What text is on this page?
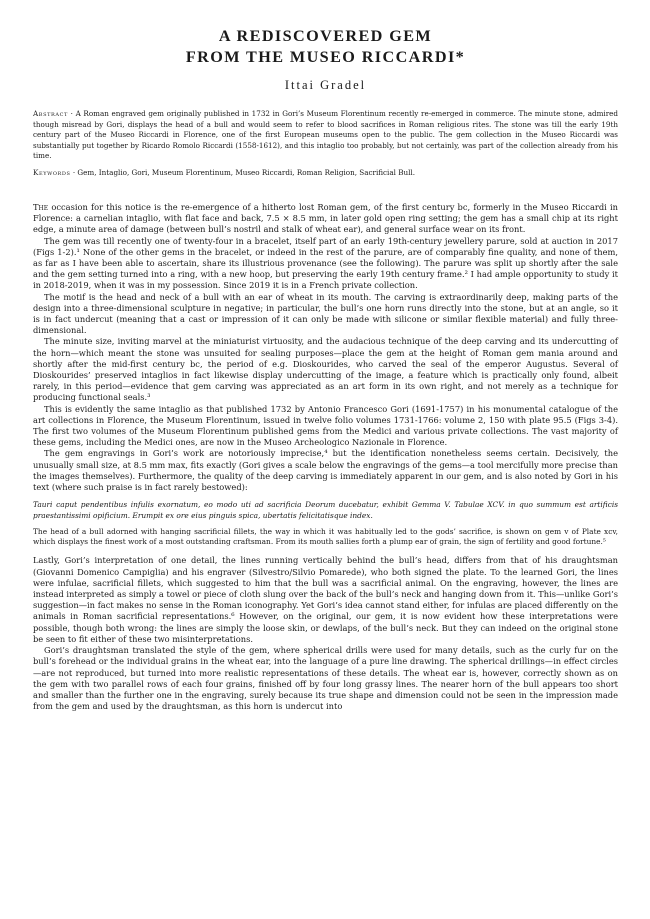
A REDISCOVERED GEM
FROM THE MUSEO RICCARDI*
Ittai Gradel

Abstract · A Roman engraved gem originally published in 1732 in Gori’s Museum Florentinum recently re-emerged in commerce. The minute stone, admired though misread by Gori, displays the head of a bull and would seem to refer to blood sacrifices in Roman religious rites. The stone was till the early 19th century part of the Museo Riccardi in Florence, one of the first European museums open to the public. The gem collection in the Museo Riccardi was substantially put together by Ricardo Romolo Riccardi (1558-1612), and this intaglio too probably, but not certainly, was part of the collection already from his time.

Keywords · Gem, Intaglio, Gori, Museum Florentinum, Museo Riccardi, Roman Religion, Sacrificial Bull.

The occasion for this notice is the re-emergence of a hitherto lost Roman gem, of the first century bc, formerly in the Museo Riccardi in Florence: a carnelian intaglio, with flat face and back, 7.5 × 8.5 mm, in later gold open ring setting; the gem has a small chip at its right edge, a minute area of damage (between bull’s nostril and stalk of wheat ear), and general surface wear on its front.

The gem was till recently one of twenty-four in a bracelet, itself part of an early 19th-century jewellery parure, sold at auction in 2017 (Figs 1-2).¹ None of the other gems in the bracelet, or indeed in the rest of the parure, are of comparably fine quality, and none of them, as far as I have been able to ascertain, share its illustrious provenance (see the following). The parure was split up shortly after the sale and the gem setting turned into a ring, with a new hoop, but preserving the early 19th century frame.² I had ample opportunity to study it in 2018-2019, when it was in my possession. Since 2019 it is in a French private collection.

The motif is the head and neck of a bull with an ear of wheat in its mouth. The carving is extraordinarily deep, making parts of the design into a three-dimensional sculpture in negative; in particular, the bull’s one horn runs directly into the stone, but at an angle, so it is in fact undercut (meaning that a cast or impression of it can only be made with silicone or similar flexible material) and fully three-dimensional.

The minute size, inviting marvel at the miniaturist virtuosity, and the audacious technique of the deep carving and its undercutting of the horn—which meant the stone was unsuited for sealing purposes—place the gem at the height of Roman gem mania around and shortly after the mid-first century bc, the period of e.g. Dioskourides, who carved the seal of the emperor Augustus. Several of Dioskourides’ preserved intaglios in fact likewise display undercutting of the image, a feature which is practically only found, albeit rarely, in this period—evidence that gem carving was appreciated as an art form in its own right, and not merely as a technique for producing functional seals.³

This is evidently the same intaglio as that published 1732 by Antonio Francesco Gori (1691-1757) in his monumental catalogue of the art collections in Florence, the Museum Florentinum, issued in twelve folio volumes 1731-1766: volume 2, 150 with plate 95.5 (Figs 3-4). The first two volumes of the Museum Florentinum published gems from the Medici and various private collections. The vast majority of these gems, including the Medici ones, are now in the Museo Archeologico Nazionale in Florence.

The gem engravings in Gori’s work are notoriously imprecise,⁴ but the identification nonetheless seems certain. Decisively, the unusually small size, at 8.5 mm max, fits exactly (Gori gives a scale below the engravings of the gems—a tool mercifully more precise than the images themselves). Furthermore, the quality of the deep carving is immediately apparent in our gem, and is also noted by Gori in his text (where such praise is in fact rarely bestowed):

Tauri caput pendentibus infulis exornatum, eo modo uti ad sacrificia Deorum ducebatur, exhibit Gemma V. Tabulae XCV. in quo summum est artificis praestantissimi opificium. Erumpit ex ore eius pinguis spica, ubertatis felicitatisque index.
The head of a bull adorned with hanging sacrificial fillets, the way in which it was habitually led to the gods’ sacrifice, is shown on gem v of Plate xcv, which displays the finest work of a most outstanding craftsman. From its mouth sallies forth a plump ear of grain, the sign of fertility and good fortune.⁵

Lastly, Gori’s interpretation of one detail, the lines running vertically behind the bull’s head, differs from that of his draughtsman (Giovanni Domenico Campiglia) and his engraver (Silvestro/Silvio Pomarede), who both signed the plate. To the learned Gori, the lines were infulae, sacrificial fillets, which suggested to him that the bull was a sacrificial animal. On the engraving, however, the lines are instead interpreted as simply a towel or piece of cloth slung over the back of the bull’s neck and hanging down from it. This—unlike Gori’s suggestion—in fact makes no sense in the Roman iconography. Yet Gori’s idea cannot stand either, for infulas are placed differently on the animals in Roman sacrificial representations.⁶ However, on the original, our gem, it is now evident how these interpretations were possible, though both wrong: the lines are simply the loose skin, or dewlaps, of the bull’s neck. But they can indeed on the original stone be seen to fit either of these two misinterpretations.

Gori’s draughtsman translated the style of the gem, where spherical drills were used for many details, such as the curly fur on the bull’s forehead or the individual grains in the wheat ear, into the language of a pure line drawing. The spherical drillings—in effect circles—are not reproduced, but turned into more realistic representations of these details. The wheat ear is, however, correctly shown as on the gem with two parallel rows of each four grains, finished off by four long grassy lines. The nearer horn of the bull appears too short and smaller than the further one in the engraving, surely because its true shape and dimension could not be seen in the impression made from the gem and used by the draughtsman, as this horn is undercut into
